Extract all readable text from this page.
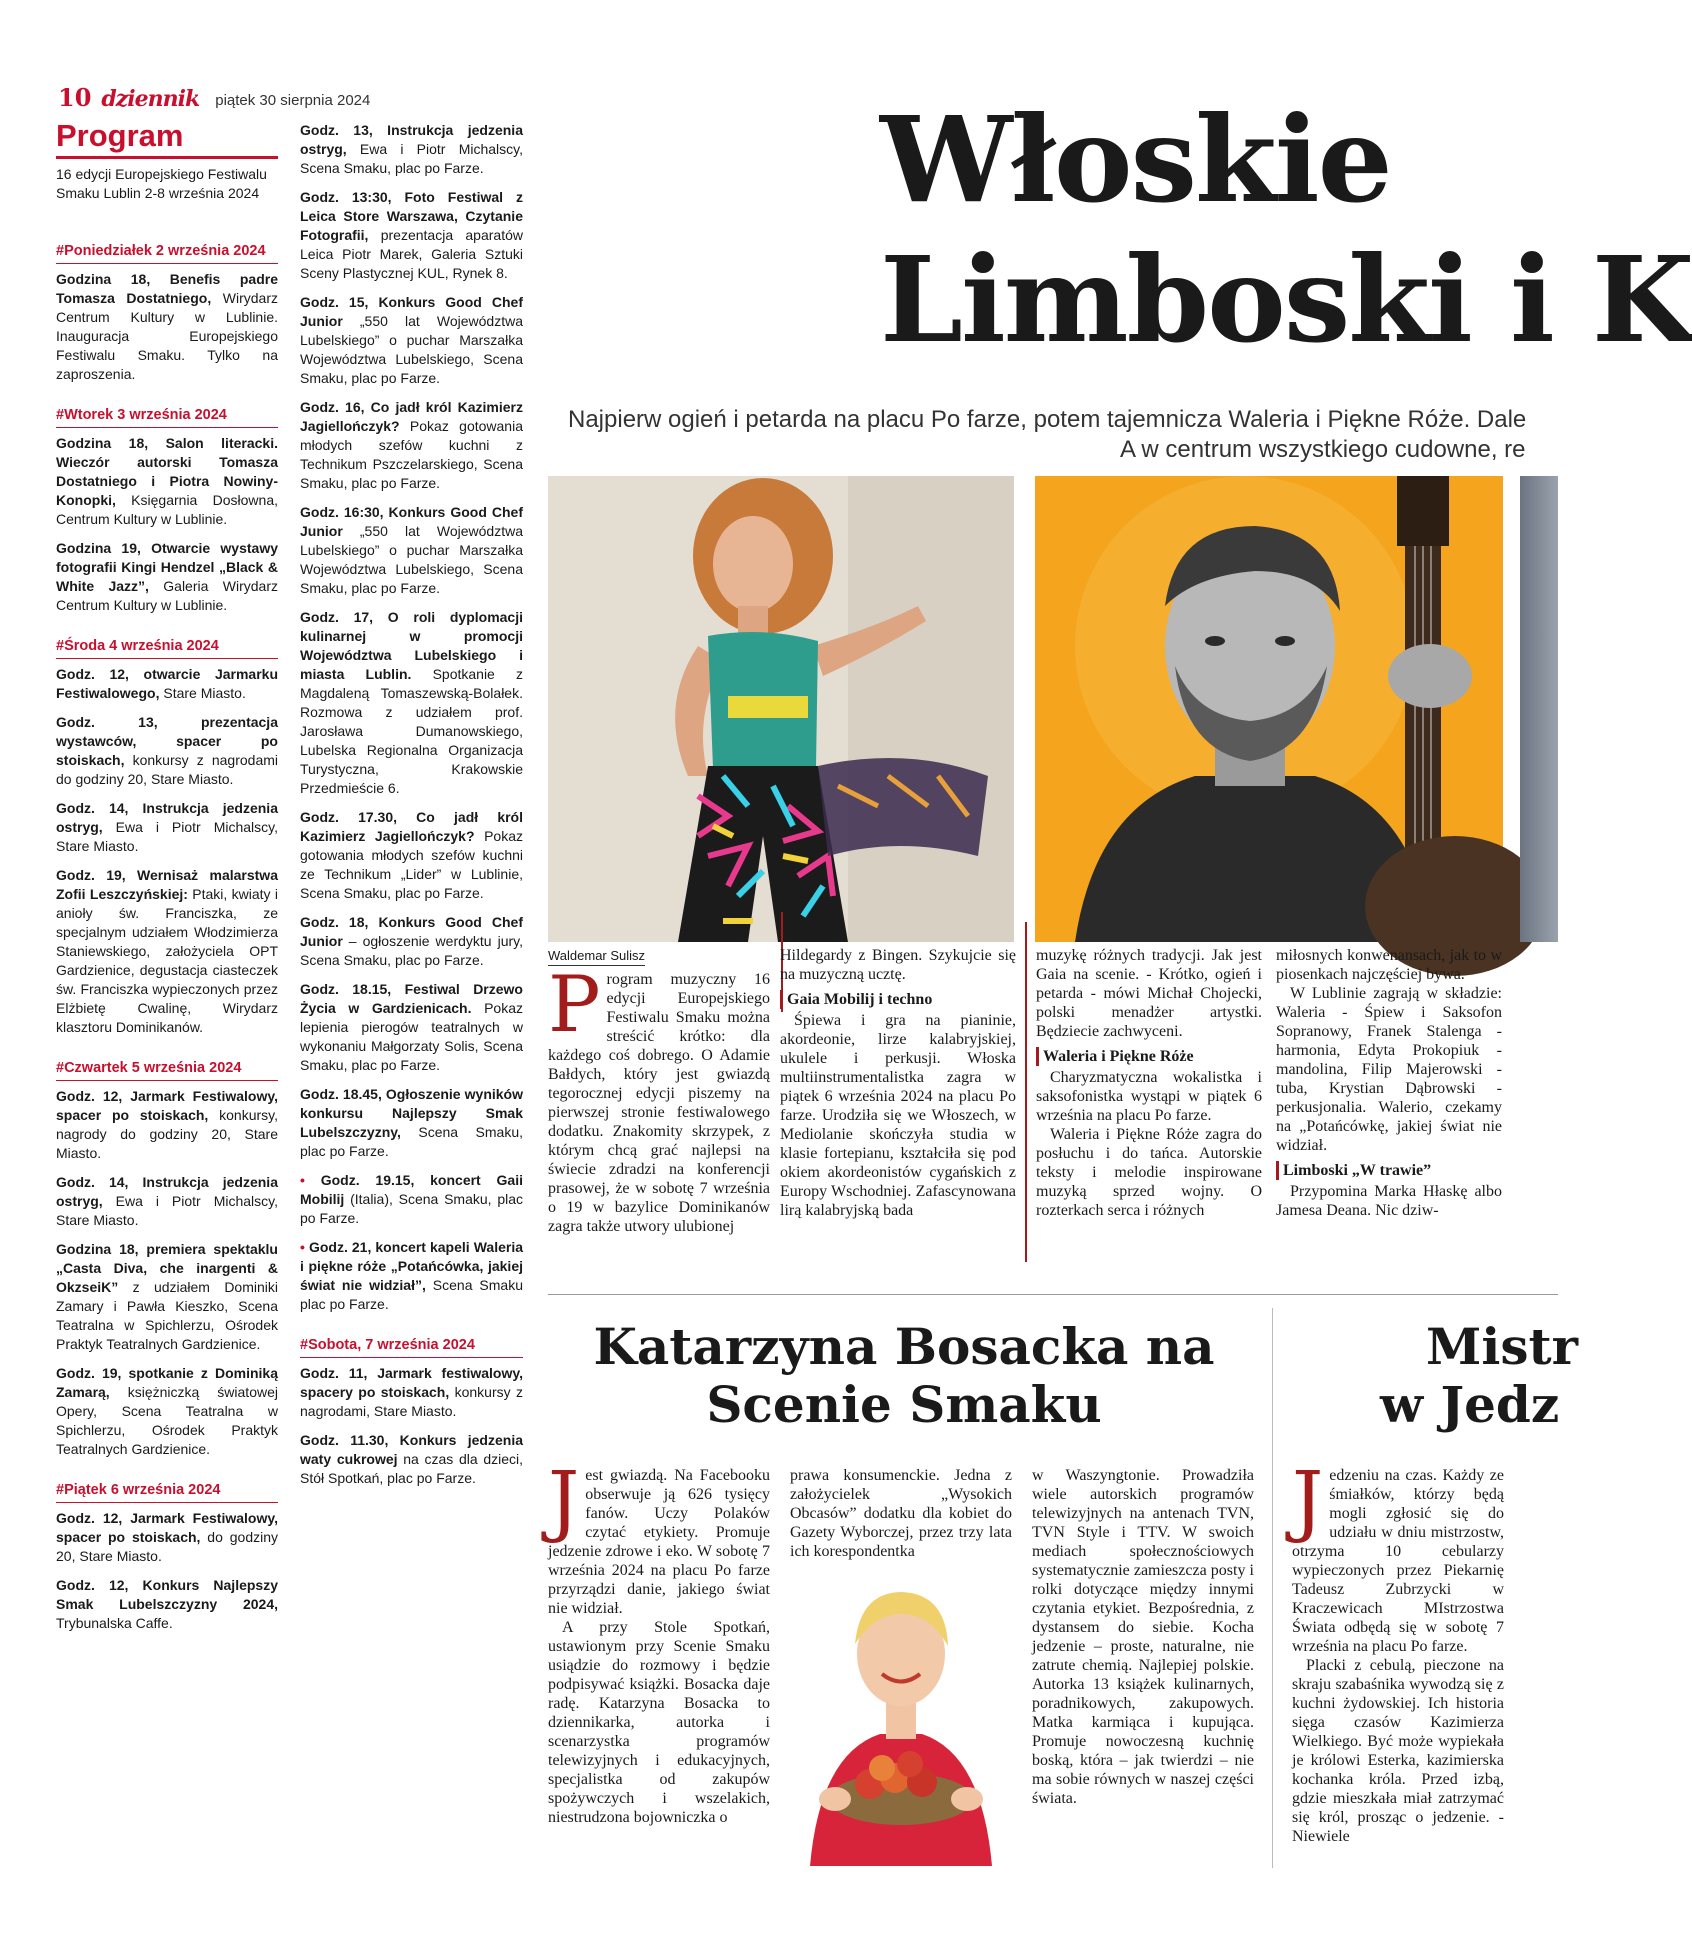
10 dziennik piątek 30 sierpnia 2024
Program
16 edycji Europejskiego Festiwalu Smaku Lublin 2-8 września 2024
#Poniedziałek 2 września 2024
Godzina 18, Benefis padre Tomasza Dostatniego, Wirydarz Centrum Kultury w Lublinie. Inauguracja Europejskiego Festiwalu Smaku. Tylko na zaproszenia.
#Wtorek 3 września 2024
Godzina 18, Salon literacki. Wieczór autorski Tomasza Dostatniego i Piotra Nowiny-Konopki, Księgarnia Dosłowna, Centrum Kultury w Lublinie.
Godzina 19, Otwarcie wystawy fotografii Kingi Hendzel „Black & White Jazz”, Galeria Wirydarz Centrum Kultury w Lublinie.
#Środa 4 września 2024
Godz. 12, otwarcie Jarmarku Festiwalowego, Stare Miasto.
Godz. 13, prezentacja wystawców, spacer po stoiskach, konkursy z nagrodami do godziny 20, Stare Miasto.
Godz. 14, Instrukcja jedzenia ostryg, Ewa i Piotr Michalscy, Stare Miasto.
Godz. 19, Wernisaż malarstwa Zofii Leszczyńskiej: Ptaki, kwiaty i anioły św. Franciszka, ze specjalnym udziałem Włodzimierza Staniewskiego, założyciela OPT Gardzienice, degustacja ciasteczek św. Franciszka wypieczonych przez Elżbietę Cwalinę, Wirydarz klasztoru Dominikanów.
#Czwartek 5 września 2024
Godz. 12, Jarmark Festiwalowy, spacer po stoiskach, konkursy, nagrody do godziny 20, Stare Miasto.
Godz. 14, Instrukcja jedzenia ostryg, Ewa i Piotr Michalscy, Stare Miasto.
Godzina 18, premiera spektaklu „Casta Diva, che inargenti & OkzseiK” z udziałem Dominiki Zamary i Pawła Kieszko, Scena Teatralna w Spichlerzu, Ośrodek Praktyk Teatralnych Gardzienice.
Godz. 19, spotkanie z Dominiką Zamarą, księżniczką światowej Opery, Scena Teatralna w Spichlerzu, Ośrodek Praktyk Teatralnych Gardzienice.
#Piątek 6 września 2024
Godz. 12, Jarmark Festiwalowy, spacer po stoiskach, do godziny 20, Stare Miasto.
Godz. 12, Konkurs Najlepszy Smak Lubelszczyzny 2024, Trybunalska Caffe.
Godz. 13, Instrukcja jedzenia ostryg, Ewa i Piotr Michalscy, Scena Smaku, plac po Farze.
Godz. 13:30, Foto Festiwal z Leica Store Warszawa, Czytanie Fotografii, prezentacja aparatów Leica Piotr Marek, Galeria Sztuki Sceny Plastycznej KUL, Rynek 8.
Godz. 15, Konkurs Good Chef Junior „550 lat Województwa Lubelskiego” o puchar Marszałka Województwa Lubelskiego, Scena Smaku, plac po Farze.
Godz. 16, Co jadł król Kazimierz Jagiellończyk? Pokaz gotowania młodych szefów kuchni z Technikum Pszczelarskiego, Scena Smaku, plac po Farze.
Godz. 16:30, Konkurs Good Chef Junior „550 lat Województwa Lubelskiego” o puchar Marszałka Województwa Lubelskiego, Scena Smaku, plac po Farze.
Godz. 17, O roli dyplomacji kulinarnej w promocji Województwa Lubelskiego i miasta Lublin. Spotkanie z Magdaleną Tomaszewską-Bolałek. Rozmowa z udziałem prof. Jarosława Dumanowskiego, Lubelska Regionalna Organizacja Turystyczna, Krakowskie Przedmieście 6.
Godz. 17.30, Co jadł król Kazimierz Jagiellończyk? Pokaz gotowania młodych szefów kuchni ze Technikum „Lider” w Lublinie, Scena Smaku, plac po Farze.
Godz. 18, Konkurs Good Chef Junior – ogłoszenie werdyktu jury, Scena Smaku, plac po Farze.
Godz. 18.15, Festiwal Drzewo Życia w Gardzienicach. Pokaz lepienia pierogów teatralnych w wykonaniu Małgorzaty Solis, Scena Smaku, plac po Farze.
Godz. 18.45, Ogłoszenie wyników konkursu Najlepszy Smak Lubelszczyzny, Scena Smaku, plac po Farze.
• Godz. 19.15, koncert Gaii Mobilij (Italia), Scena Smaku, plac po Farze.
• Godz. 21, koncert kapeli Waleria i piękne róże „Potańcówka, jakiej świat nie widział”, Scena Smaku plac po Farze.
#Sobota, 7 września 2024
Godz. 11, Jarmark festiwalowy, spacery po stoiskach, konkursy z nagrodami, Stare Miasto.
Godz. 11.30, Konkurs jedzenia waty cukrowej na czas dla dzieci, Stół Spotkań, plac po Farze.
Włoskie
Limboski i K
Najpierw ogień i petarda na placu Po farze, potem tajemnicza Waleria i Piękne Róże. Dale
A w centrum wszystkiego cudowne, re
Waldemar Sulisz
P rogram muzyczny 16 edycji Europejskiego Festiwalu Smaku można streścić krótko: dla każdego coś dobrego. O Adamie Bałdych, który jest gwiazdą tegorocznej edycji piszemy na pierwszej stronie festiwalowego dodatku. Znakomity skrzypek, z którym chcą grać najlepsi na świecie zdradzi na konferencji prasowej, że w sobotę 7 września o 19 w bazylice Dominikanów zagra także utwory ulubionej

Hildegardy z Bingen. Szykujcie się na muzyczną ucztę.

Gaia Mobilij i techno

Śpiewa i gra na pianinie, akordeonie, lirze kalabryjskiej, ukulele i perkusji. Włoska multiinstrumentalistka zagra w piątek 6 września 2024 na placu Po farze. Urodziła się we Włoszech, w Mediolanie skończyła studia w klasie fortepianu, kształciła się pod okiem akordeonistów cygańskich z Europy Wschodniej. Zafascynowana lirą kalabryjską bada

muzykę różnych tradycji. Jak jest Gaia na scenie. - Krótko, ogień i petarda - mówi Michał Chojecki, polski menadżer artystki. Będziecie zachwyceni.

Waleria i Piękne Róże

Charyzmatyczna wokalistka i saksofonistka wystąpi w piątek 6 września na placu Po farze.

Waleria i Piękne Róże zagra do posłuchu i do tańca. Autorskie teksty i melodie inspirowane muzyką sprzed wojny. O rozterkach serca i różnych

miłosnych konwenansach, jak to w piosenkach najczęściej bywa.

W Lublinie zagrają w składzie: Waleria - Śpiew i Saksofon Sopranowy, Franek Stalenga - harmonia, Edyta Prokopiuk - mandolina, Filip Majerowski - tuba, Krystian Dąbrowski - perkusjonalia. Walerio, czekamy na „Potańcówkę, jakiej świat nie widział.

Limboski „W trawie”

Przypomina Marka Hłaskę albo Jamesa Deana. Nic dziw-

Katarzyna Bosacka na Scenie Smaku
J est gwiazdą. Na Facebooku obserwuje ją 626 tysięcy fanów. Uczy Polaków czytać etykiety. Promuje jedzenie zdrowe i eko. W sobotę 7 września 2024 na placu Po farze przyrządzi danie, jakiego świat nie widział.

A przy Stole Spotkań, ustawionym przy Scenie Smaku usiądzie do rozmowy i będzie podpisywać książki. Bosacka daje radę. Katarzyna Bosacka to dziennikarka, autorka i scenarzystka programów telewizyjnych i edukacyjnych, specjalistka od zakupów spożywczych i wszelakich, niestrudzona bojowniczka o

prawa konsumenckie. Jedna z założycielek „Wysokich Obcasów” dodatku dla kobiet do Gazety Wyborczej, przez trzy lata ich korespondentka

w Waszyngtonie. Prowadziła wiele autorskich programów telewizyjnych na antenach TVN, TVN Style i TTV. W swoich mediach społecznościowych systematycznie zamieszcza posty i rolki dotyczące między innymi czytania etykiet. Bezpośrednia, z dystansem do siebie. Kocha jedzenie – proste, naturalne, nie zatrute chemią. Najlepiej polskie. Autorka 13 książek kulinarnych, poradnikowych, zakupowych. Matka karmiąca i kupująca. Promuje nowoczesną kuchnię boską, która – jak twierdzi – nie ma sobie równych w naszej części świata.

Mistr
w Jedz
J edzeniu na czas. Każdy ze śmiałków, którzy będą mogli zgłosić się do udziału w dniu mistrzostw, otrzyma 10 cebularzy wypieczonych przez Piekarnię Tadeusz Zubrzycki w Kraczewicach MIstrzostwa Świata odbędą się w sobotę 7 września na placu Po farze.

Placki z cebulą, pieczone na skraju szabaśnika wywodzą się z kuchni żydowskiej. Ich historia sięga czasów Kazimierza Wielkiego. Być może wypiekała je królowi Esterka, kazimierska kochanka króla. Przed izbą, gdzie mieszkała miał zatrzymać się król, prosząc o jedzenie. - Niewiele
